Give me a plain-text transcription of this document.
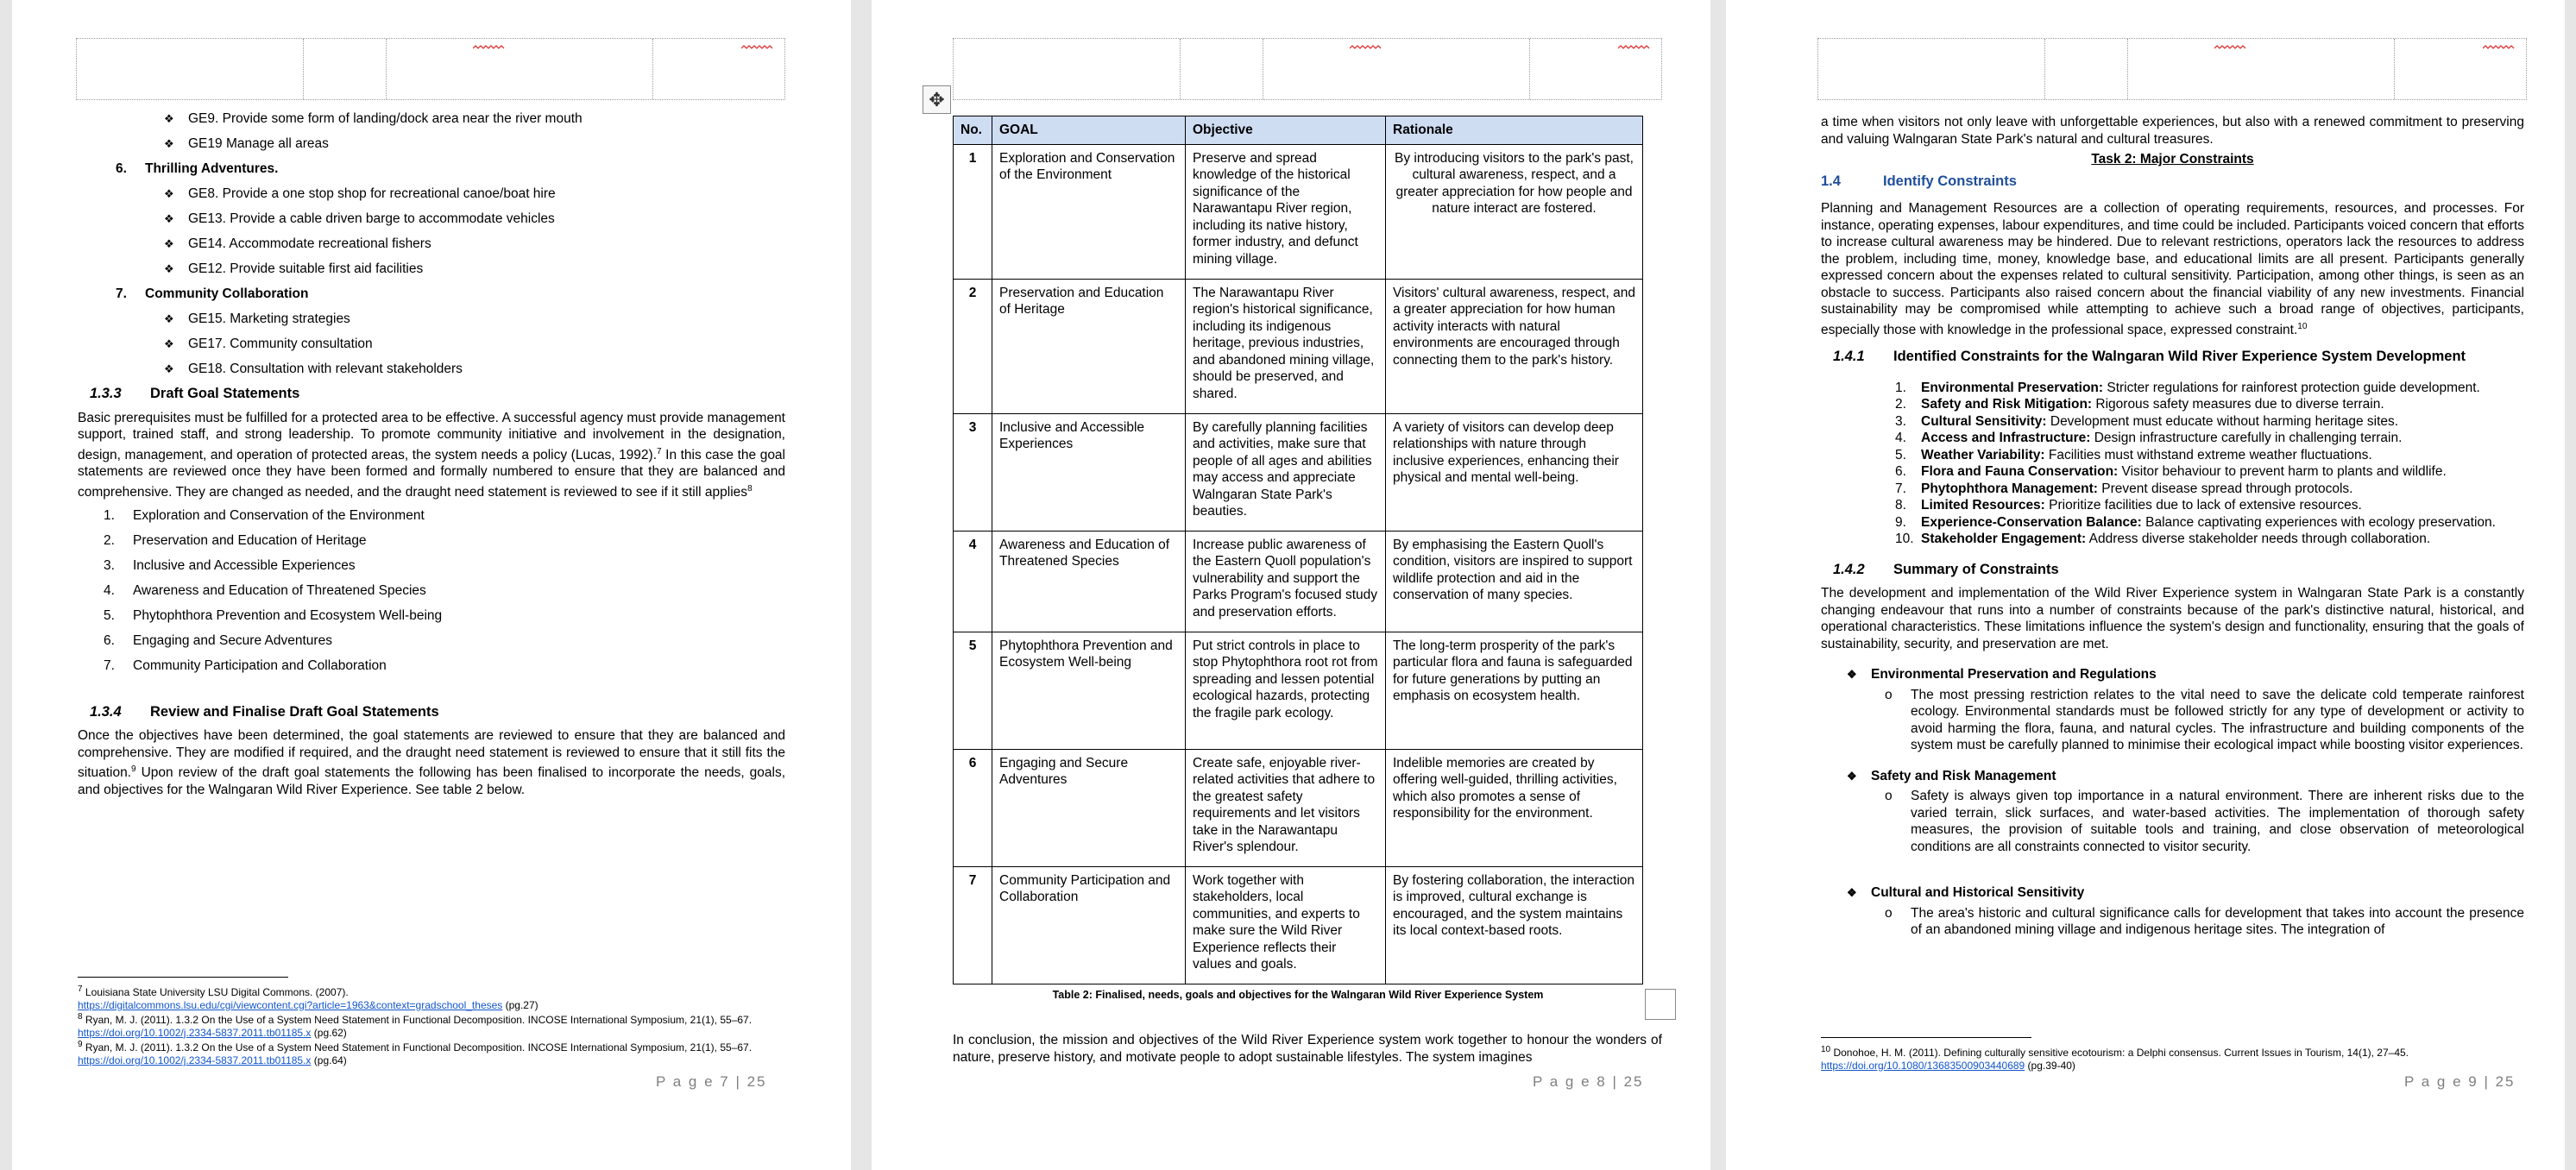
❖	GE9. Provide some form of landing/dock area near the river mouth
❖	GE19 Manage all areas
6.	Thrilling Adventures.
❖	GE8. Provide a one stop shop for recreational canoe/boat hire
❖	GE13. Provide a cable driven barge to accommodate vehicles
❖	GE14. Accommodate recreational fishers
❖	GE12. Provide suitable first aid facilities
7.	Community Collaboration
❖	GE15. Marketing strategies
❖	GE17. Community consultation
❖	GE18. Consultation with relevant stakeholders
1.3.3	Draft Goal Statements

Basic prerequisites must be fulfilled for a protected area to be effective. A successful agency must provide management support, trained staff, and strong leadership. To promote community initiative and involvement in the designation, design, management, and operation of protected areas, the system needs a policy (Lucas, 1992).$^7$ In this case the goal statements are reviewed once they have been formed and formally numbered to ensure that they are balanced and comprehensive. They are changed as needed, and the draught need statement is reviewed to see if it still applies$^8$

1.	Exploration and Conservation of the Environment
2.	Preservation and Education of Heritage
3.	Inclusive and Accessible Experiences
4.	Awareness and Education of Threatened Species
5.	Phytophthora Prevention and Ecosystem Well-being
6.	Engaging and Secure Adventures
7.	Community Participation and Collaboration
1.3.4	Review and Finalise Draft Goal Statements

Once the objectives have been determined, the goal statements are reviewed to ensure that they are balanced and comprehensive. They are modified if required, and the draught need statement is reviewed to ensure that it still fits the situation.$^9$ Upon review of the draft goal statements the following has been finalised to incorporate the needs, goals, and objectives for the Walngaran Wild River Experience. See table 2 below.

$^7$ Louisiana State University LSU Digital Commons. (2007).
https://digitalcommons.lsu.edu/cgi/viewcontent.cgi?article=1963&context=gradschool_theses (pg.27)
$^8$ Ryan, M. J. (2011). 1.3.2 On the Use of a System Need Statement in Functional Decomposition. INCOSE International Symposium, 21(1), 55–67. https://doi.org/10.1002/j.2334-5837.2011.tb01185.x (pg.62)
$^9$ Ryan, M. J. (2011). 1.3.2 On the Use of a System Need Statement in Functional Decomposition. INCOSE International Symposium, 21(1), 55–67. https://doi.org/10.1002/j.2334-5837.2011.tb01185.x (pg.64)
P a g e 7 | 25
✥
No.	GOAL	Objective	Rationale
1	Exploration and Conservation of the Environment	Preserve and spread knowledge of the historical significance of the Narawantapu River region, including its native history, former industry, and defunct mining village.	By introducing visitors to the park's past, cultural awareness, respect, and a greater appreciation for how people and nature interact are fostered.
2	Preservation and Education of Heritage	The Narawantapu River region's historical significance, including its indigenous heritage, previous industries, and abandoned mining village, should be preserved, and shared.	Visitors' cultural awareness, respect, and a greater appreciation for how human activity interacts with natural environments are encouraged through connecting them to the park's history.
3	Inclusive and Accessible Experiences	By carefully planning facilities and activities, make sure that people of all ages and abilities may access and appreciate Walngaran State Park's beauties.	A variety of visitors can develop deep relationships with nature through inclusive experiences, enhancing their physical and mental well-being.
4	Awareness and Education of Threatened Species	Increase public awareness of the Eastern Quoll population's vulnerability and support the Parks Program's focused study and preservation efforts.	By emphasising the Eastern Quoll's condition, visitors are inspired to support wildlife protection and aid in the conservation of many species.
5	Phytophthora Prevention and Ecosystem Well-being	Put strict controls in place to stop Phytophthora root rot from spreading and lessen potential ecological hazards, protecting the fragile park ecology.	The long-term prosperity of the park's particular flora and fauna is safeguarded for future generations by putting an emphasis on ecosystem health.
6	Engaging and Secure Adventures	Create safe, enjoyable river-related activities that adhere to the greatest safety requirements and let visitors take in the Narawantapu River's splendour.	Indelible memories are created by offering well-guided, thrilling activities, which also promotes a sense of responsibility for the environment.
7	Community Participation and Collaboration	Work together with stakeholders, local communities, and experts to make sure the Wild River Experience reflects their values and goals.	By fostering collaboration, the interaction is improved, cultural exchange is encouraged, and the system maintains its local context-based roots.
Table 2: Finalised, needs, goals and objectives for the Walngaran Wild River Experience System
In conclusion, the mission and objectives of the Wild River Experience system work together to honour the wonders of nature, preserve history, and motivate people to adopt sustainable lifestyles. The system imagines
P a g e 8 | 25

a time when visitors not only leave with unforgettable experiences, but also with a renewed commitment to preserving and valuing Walngaran State Park's natural and cultural treasures.

Task 2: Major Constraints
1.4	Identify Constraints

Planning and Management Resources are a collection of operating requirements, resources, and processes. For instance, operating expenses, labour expenditures, and time could be included. Participants voiced concern that efforts to increase cultural awareness may be hindered. Due to relevant restrictions, operators lack the resources to address the problem, including time, money, knowledge base, and educational limits are all present. Participants generally expressed concern about the expenses related to cultural sensitivity. Participation, among other things, is seen as an obstacle to success. Participants also raised concern about the financial viability of any new investments. Financial sustainability may be compromised while attempting to achieve such a broad range of objectives, participants, especially those with knowledge in the professional space, expressed constraint.$^{10}$

1.4.1	Identified Constraints for the Walngaran Wild River Experience System Development
1.	Environmental Preservation: Stricter regulations for rainforest protection guide development.
2.	Safety and Risk Mitigation: Rigorous safety measures due to diverse terrain.
3.	Cultural Sensitivity: Development must educate without harming heritage sites.
4.	Access and Infrastructure: Design infrastructure carefully in challenging terrain.
5.	Weather Variability: Facilities must withstand extreme weather fluctuations.
6.	Flora and Fauna Conservation: Visitor behaviour to prevent harm to plants and wildlife.
7.	Phytophthora Management: Prevent disease spread through protocols.
8.	Limited Resources: Prioritize facilities due to lack of extensive resources.
9.	Experience-Conservation Balance: Balance captivating experiences with ecology preservation.
10. Stakeholder Engagement: Address diverse stakeholder needs through collaboration.
1.4.2	Summary of Constraints

The development and implementation of the Wild River Experience system in Walngaran State Park is a constantly changing endeavour that runs into a number of constraints because of the park's distinctive natural, historical, and operational characteristics. These limitations influence the system's design and functionality, ensuring that the goals of sustainability, security, and preservation are met.

❖	Environmental Preservation and Regulations
o	The most pressing restriction relates to the vital need to save the delicate cold temperate rainforest ecology. Environmental standards must be followed strictly for any type of development or activity to avoid harming the flora, fauna, and natural cycles. The infrastructure and building components of the system must be carefully planned to minimise their ecological impact while boosting visitor experiences.
❖	Safety and Risk Management
o	Safety is always given top importance in a natural environment. There are inherent risks due to the varied terrain, slick surfaces, and water-based activities. The implementation of thorough safety measures, the provision of suitable tools and training, and close observation of meteorological conditions are all constraints connected to visitor security.
❖	Cultural and Historical Sensitivity
o	The area's historic and cultural significance calls for development that takes into account the presence of an abandoned mining village and indigenous heritage sites. The integration of
$^{10}$ Donohoe, H. M. (2011). Defining culturally sensitive ecotourism: a Delphi consensus. Current Issues in Tourism, 14(1), 27–45.
https://doi.org/10.1080/13683500903440689 (pg.39-40)
P a g e 9 | 25
